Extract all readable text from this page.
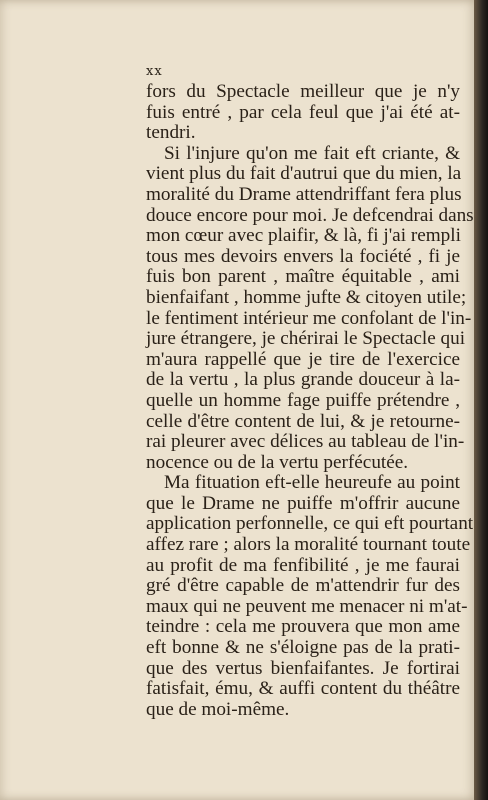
xx
fors du Spectacle meilleur que je n'y
fuis entré , par cela feul que j'ai été at-
tendri.
Si l'injure qu'on me fait eft criante, &
vient plus du fait d'autrui que du mien, la
moralité du Drame attendriffant fera plus
douce encore pour moi. Je defcendrai dans
mon cœur avec plaifir, & là, fi j'ai rempli
tous mes devoirs envers la fociété , fi je
fuis bon parent , maître équitable , ami
bienfaifant , homme jufte & citoyen utile;
le fentiment intérieur me confolant de l'in-
jure étrangere, je chérirai le Spectacle qui
m'aura rappellé que je tire de l'exercice
de la vertu , la plus grande douceur à la-
quelle un homme fage puiffe prétendre ,
celle d'être content de lui, & je retourne-
rai pleurer avec délices au tableau de l'in-
nocence ou de la vertu perfécutée.
Ma fituation eft-elle heureufe au point
que le Drame ne puiffe m'offrir aucune
application perfonnelle, ce qui eft pourtant
affez rare ; alors la moralité tournant toute
au profit de ma fenfibilité , je me faurai
gré d'être capable de m'attendrir fur des
maux qui ne peuvent me menacer ni m'at-
teindre : cela me prouvera que mon ame
eft bonne & ne s'éloigne pas de la prati-
que des vertus bienfaifantes. Je fortirai
fatisfait, ému, & auffi content du théâtre
que de moi-même.
